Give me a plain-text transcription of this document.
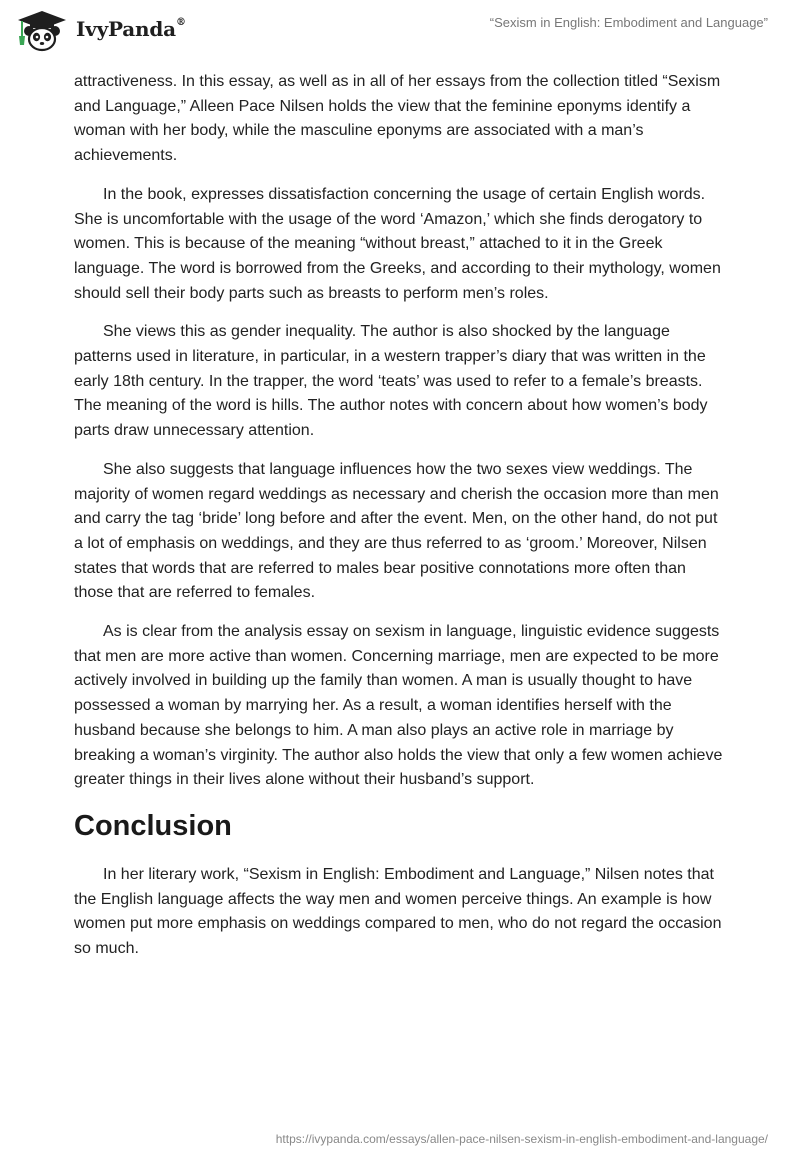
IvyPanda®	“Sexism in English: Embodiment and Language”

attractiveness. In this essay, as well as in all of her essays from the collection titled “Sexism and Language,” Alleen Pace Nilsen holds the view that the feminine eponyms identify a woman with her body, while the masculine eponyms are associated with a man’s achievements.

In the book, expresses dissatisfaction concerning the usage of certain English words. She is uncomfortable with the usage of the word ‘Amazon,’ which she finds derogatory to women. This is because of the meaning “without breast,” attached to it in the Greek language. The word is borrowed from the Greeks, and according to their mythology, women should sell their body parts such as breasts to perform men’s roles.

She views this as gender inequality. The author is also shocked by the language patterns used in literature, in particular, in a western trapper’s diary that was written in the early 18th century. In the trapper, the word ‘teats’ was used to refer to a female’s breasts. The meaning of the word is hills. The author notes with concern about how women’s body parts draw unnecessary attention.

She also suggests that language influences how the two sexes view weddings. The majority of women regard weddings as necessary and cherish the occasion more than men and carry the tag ‘bride’ long before and after the event. Men, on the other hand, do not put a lot of emphasis on weddings, and they are thus referred to as ‘groom.’ Moreover, Nilsen states that words that are referred to males bear positive connotations more often than those that are referred to females.

As is clear from the analysis essay on sexism in language, linguistic evidence suggests that men are more active than women. Concerning marriage, men are expected to be more actively involved in building up the family than women. A man is usually thought to have possessed a woman by marrying her. As a result, a woman identifies herself with the husband because she belongs to him. A man also plays an active role in marriage by breaking a woman’s virginity. The author also holds the view that only a few women achieve greater things in their lives alone without their husband’s support.

Conclusion

In her literary work, “Sexism in English: Embodiment and Language,” Nilsen notes that the English language affects the way men and women perceive things. An example is how women put more emphasis on weddings compared to men, who do not regard the occasion so much.

https://ivypanda.com/essays/allen-pace-nilsen-sexism-in-english-embodiment-and-language/
